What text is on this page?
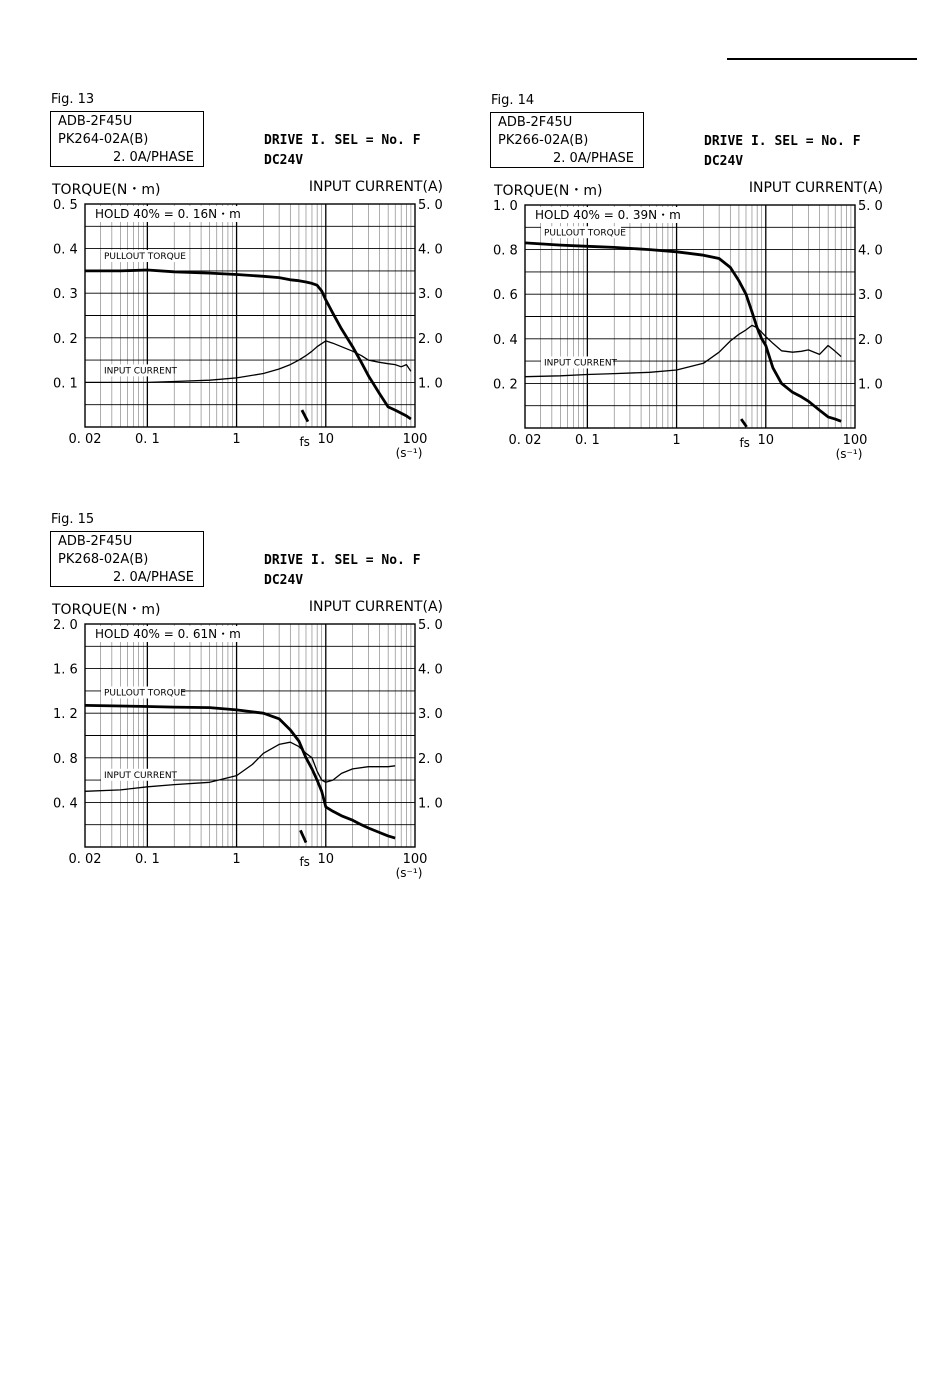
Fig. 13
ADB-2F45U
PK264-02A(B)
2. 0A/PHASE
DRIVE I. SEL = No. F
DC24V
TORQUE(N・m)	INPUT CURRENT(A)
HOLD 40% = 0. 16N・m
0. 1
0. 2
0. 3
0. 4
0. 5
1. 0
2. 0
3. 0
4. 0
5. 0
0. 02	0. 1	1	10	100
fs
(s⁻¹)
PULLOUT TORQUE
INPUT CURRENT
Fig. 14
ADB-2F45U
PK266-02A(B)
2. 0A/PHASE
DRIVE I. SEL = No. F
DC24V
TORQUE(N・m)	INPUT CURRENT(A)
HOLD 40% = 0. 39N・m
0. 2
0. 4
0. 6
0. 8
1. 0
1. 0
2. 0
3. 0
4. 0
5. 0
0. 02	0. 1	1	10	100
fs
(s⁻¹)
PULLOUT TORQUE
INPUT CURRENT
Fig. 15
ADB-2F45U
PK268-02A(B)
2. 0A/PHASE
DRIVE I. SEL = No. F
DC24V
TORQUE(N・m)	INPUT CURRENT(A)
HOLD 40% = 0. 61N・m
0. 4
0. 8
1. 2
1. 6
2. 0
1. 0
2. 0
3. 0
4. 0
5. 0
0. 02	0. 1	1	10	100
fs
(s⁻¹)
PULLOUT TORQUE
INPUT CURRENT
